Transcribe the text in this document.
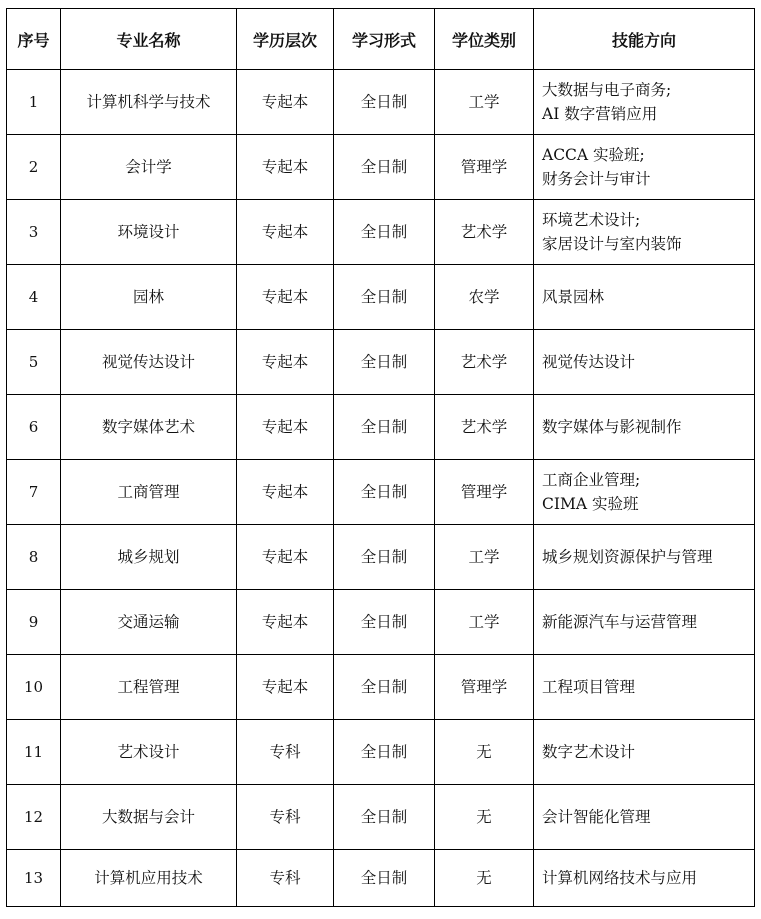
序号	专业名称	学历层次	学习形式	学位类别	技能方向
1	计算机科学与技术	专起本	全日制	工学	大数据与电子商务;
AI 数字营销应用

2	会计学	专起本	全日制	管理学	ACCA 实验班;
财务会计与审计

3	环境设计	专起本	全日制	艺术学	环境艺术设计;
家居设计与室内装饰

4	园林	专起本	全日制	农学	风景园林

5	视觉传达设计	专起本	全日制	艺术学	视觉传达设计

6	数字媒体艺术	专起本	全日制	艺术学	数字媒体与影视制作

7	工商管理	专起本	全日制	管理学	工商企业管理;
CIMA 实验班

8	城乡规划	专起本	全日制	工学	城乡规划资源保护与管理

9	交通运输	专起本	全日制	工学	新能源汽车与运营管理

10	工程管理	专起本	全日制	管理学	工程项目管理

11	艺术设计	专科	全日制	无	数字艺术设计

12	大数据与会计	专科	全日制	无	会计智能化管理

13	计算机应用技术	专科	全日制	无	计算机网络技术与应用
